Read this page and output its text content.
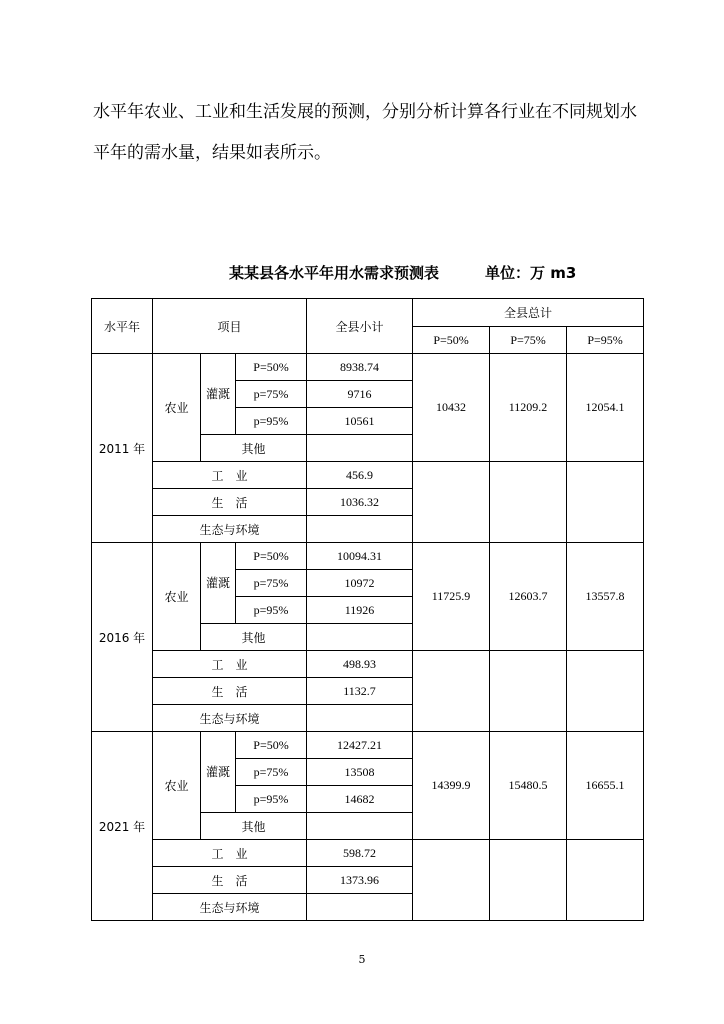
水平年农业、工业和生活发展的预测，分别分析计算各行业在不同规划水

平年的需水量，结果如表所示。

某某县各水平年用水需求预测表	单位：万 m3
水平年	项目			全县小计	全县总计		
					P=50%	P=75%	P=95%
2011 年	农业	灌溉	P=50%	8938.74	10432	11209.2	12054.1
			p=75%	9716			
			p=95%	10561			
		其他					
	工　业			456.9			
	生　活			1036.32			
	生态与环境						
2016 年	农业	灌溉	P=50%	10094.31	11725.9	12603.7	13557.8
			p=75%	10972			
			p=95%	11926			
		其他					
	工　业			498.93			
	生　活			1132.7			
	生态与环境						
2021 年	农业	灌溉	P=50%	12427.21	14399.9	15480.5	16655.1
			p=75%	13508			
			p=95%	14682			
		其他					
	工　业			598.72			
	生　活			1373.96			
	生态与环境						
5
